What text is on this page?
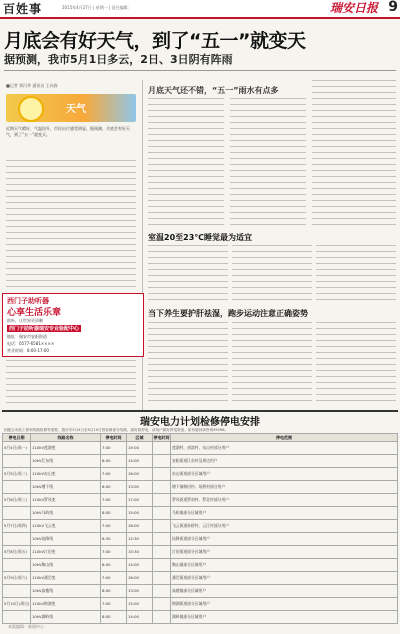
百姓事	2015年4月27日 | 星期一 | 责任编辑：	瑞安日报 9
月底会有好天气，到了“五一”就变天
据预测，我市5月1日多云，2日、3日阴有阵雨
■记者 郑闪华 通讯员 王向春
月底天气还不错，“五一”雨水有点多
天气
近期天气晴好，气温回升，市民出行感受明显。据预测，月底会有好天气，到了“五一”就变天。
室温20至23℃睡觉最为适宜
当下养生要护肝祛湿，跑步运动注意正确姿势
西门子助听器
心享生活乐章
助听，让世界更清晰
西门子助听器瑞安专业验配中心
地址：瑞安市安阳街道
电话：0577-6581××××
营业时间：8:00-17:00
瑞安电力计划检修停电安排
因配合市政工程和线路检修等需要，瑞安市5月4日至5月10日将检修部分线路，届时将停电，请用户做好停电准备。如有疑问请咨询95598。
停电日期	线路名称	停电时间	区域	停电时间	停电范围
5月4日(周一)	110kV莲湖变	7:00	15:00		莲湖村、南滨村、东山村部分用户
	10kV江东线	8:00	14:00		安阳街道江东村及周边用户
5月5日(周二)	110kV东山变	7:00	16:00		东山街道部分区域用户
	10kV塘下线	6:00	13:00		塘下镇韩田村、场桥村部分用户
5月6日(周三)	110kV罗凤变	7:00	17:00		罗凤街道罗南村、罗北村部分用户
	10kV马屿线	8:00	15:00		马屿镇部分区域用户
5月7日(周四)	110kV飞云变	7:00	16:00		飞云街道孙桥村、云江村部分用户
	10kV仙降线	6:30	12:30		仙降街道部分区域用户
5月8日(周五)	110kV汀田变	7:00	15:30		汀田街道部分区域用户
	10kV陶山线	8:00	14:00		陶山镇部分区域用户
5月9日(周六)	110kV潘岱变	7:00	16:00		潘岱街道部分区域用户
	10kV高楼线	8:00	13:00		高楼镇部分区域用户
5月10日(周日)	110kV锦湖变	7:00	15:00		锦湖街道部分区域用户
	10kV湖岭线	8:00	14:00		湖岭镇部分区域用户
本版编辑：新闻中心
